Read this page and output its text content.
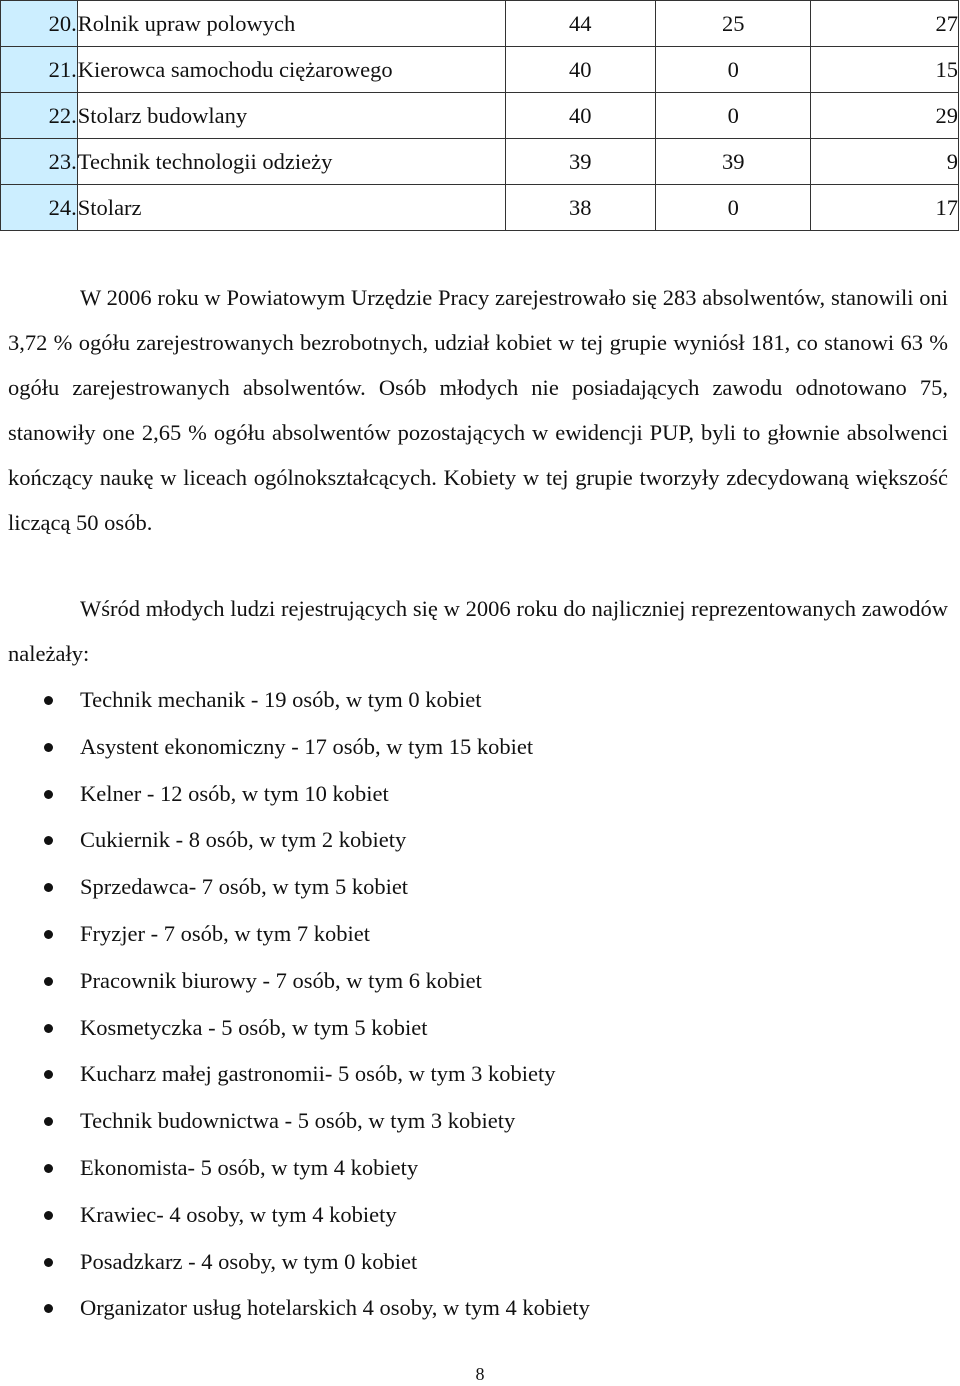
20.	Rolnik upraw polowych	44	25	27
21.	Kierowca samochodu ciężarowego	40	0	15
22.	Stolarz budowlany	40	0	29
23.	Technik technologii odzieży	39	39	9
24.	Stolarz	38	0	17

W 2006 roku w Powiatowym Urzędzie Pracy zarejestrowało się 283 absolwentów, stanowili oni 3,72 % ogółu zarejestrowanych bezrobotnych, udział kobiet w tej grupie wyniósł 181, co stanowi 63 % ogółu zarejestrowanych absolwentów. Osób młodych nie posiadających zawodu odnotowano 75, stanowiły one 2,65 % ogółu absolwentów pozostających w ewidencji PUP, byli to głownie absolwenci kończący naukę w liceach ogólnokształcących. Kobiety w tej grupie tworzyły zdecydowaną większość liczącą 50 osób.

Wśród młodych ludzi rejestrujących się w 2006 roku do najliczniej reprezentowanych zawodów należały:

Technik mechanik - 19 osób, w tym 0 kobiet
Asystent ekonomiczny - 17 osób, w tym 15 kobiet
Kelner - 12 osób, w tym 10 kobiet
Cukiernik - 8 osób, w tym 2 kobiety
Sprzedawca- 7 osób, w tym 5 kobiet
Fryzjer - 7 osób, w tym 7 kobiet
Pracownik biurowy - 7 osób, w tym 6 kobiet
Kosmetyczka - 5 osób, w tym 5 kobiet
Kucharz małej gastronomii- 5 osób, w tym 3 kobiety
Technik budownictwa - 5 osób, w tym 3 kobiety
Ekonomista- 5 osób, w tym 4 kobiety
Krawiec- 4 osoby, w tym 4 kobiety
Posadzkarz - 4 osoby, w tym 0 kobiet
Organizator usług hotelarskich 4 osoby, w tym 4 kobiety
8
